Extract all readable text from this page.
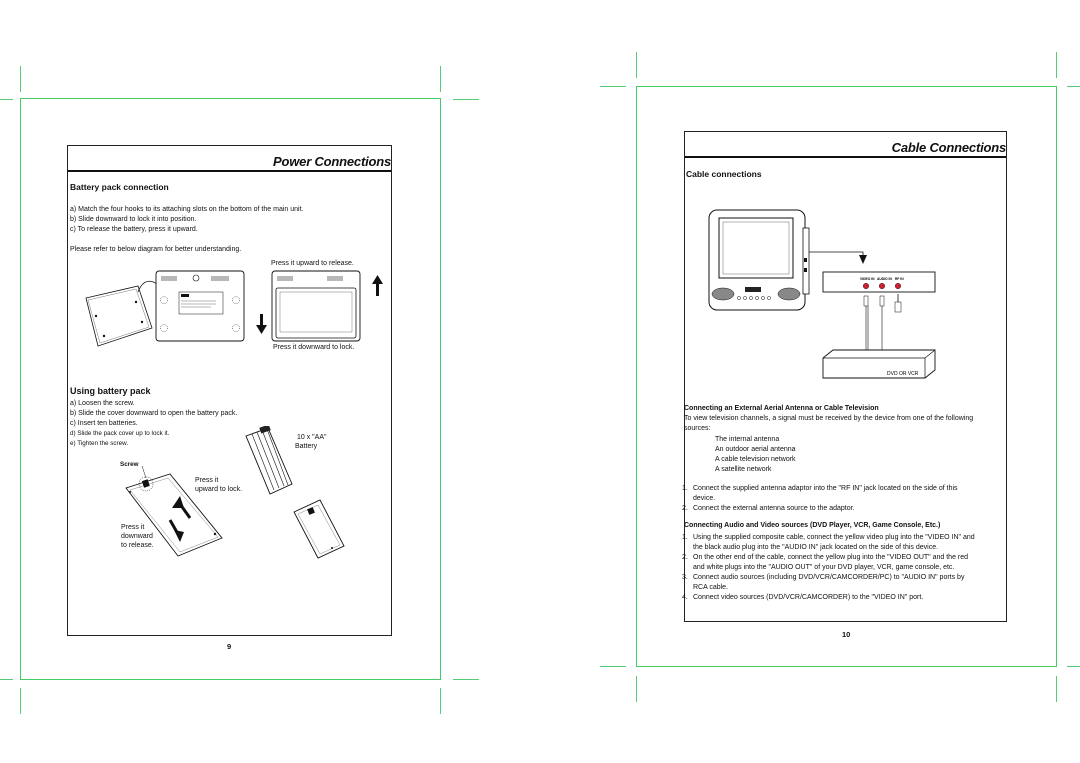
Power Connections
Battery pack connection
a) Match the four hooks to its attaching slots on the bottom of the main unit.
b) Slide downward to lock it into position.
c) To release the battery, press it upward.
Please refer to below diagram for better understanding.
Press it upward to release.
Press it downward to lock.
Using battery pack
a) Loosen the screw.
b) Slide the cover downward to open the battery pack.
c) Insert ten batteries.
d) Slide the pack cover up to lock it.
e) Tighten the screw.
10 x "AA"
Battery
Screw
Press it
upward to lock.
Press it
downward
to release.
9
Cable Connections
Cable connections
VIDEO IN AUDIO IN RF IN
DVD OR VCR
Connecting an External Aerial Antenna or Cable Television
To view television channels, a signal must be received by the device from one of the following
sources:
The internal antenna
An outdoor aerial antenna
A cable television network
A satellite network
1. Connect the supplied antenna adaptor into the "RF IN" jack located on the side of this
device.
2. Connect the external antenna source to the adaptor.
Connecting Audio and Video sources (DVD Player, VCR, Game Console, Etc.)
1. Using the supplied composite cable, connect the yellow video plug into the "VIDEO IN" and
the black audio plug into the "AUDIO IN" jack located on the side of this device.
2. On the other end of the cable, connect the yellow plug into the "VIDEO OUT" and the red
and white plugs into the "AUDIO OUT" of your DVD player, VCR, game console, etc.
3. Connect audio sources (including DVD/VCR/CAMCORDER/PC) to "AUDIO IN" ports by
RCA cable.
4. Connect video sources (DVD/VCR/CAMCORDER) to the "VIDEO IN" port.
10
